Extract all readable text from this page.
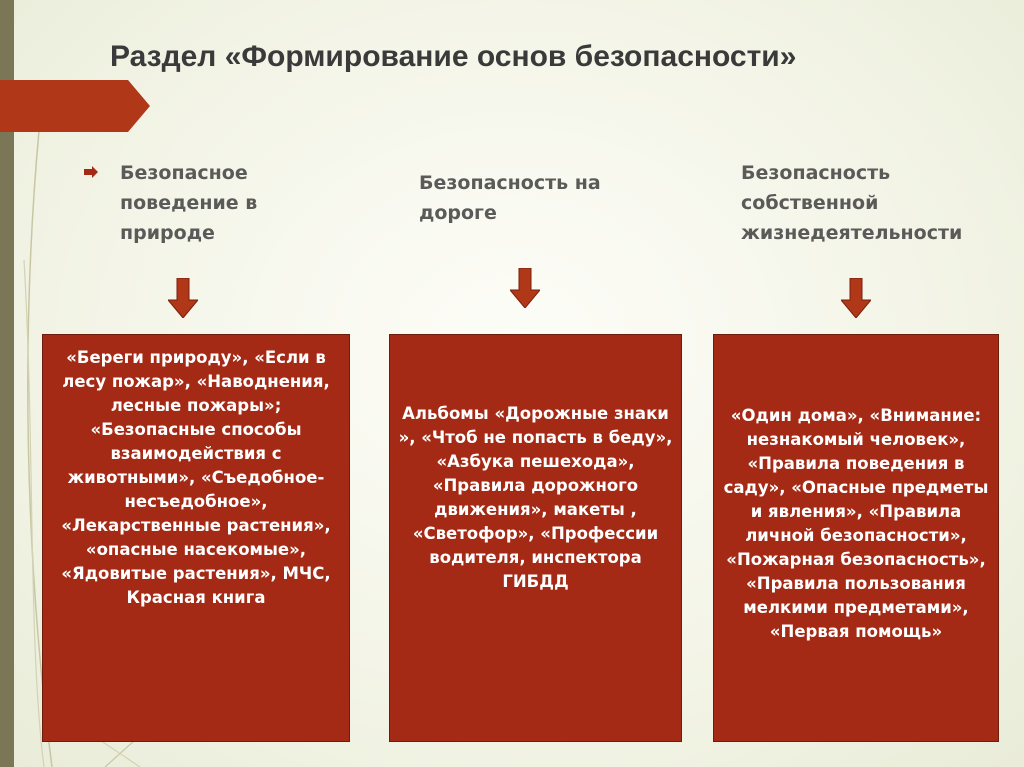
Раздел «Формирование основ безопасности»
Безопасное поведение в природе
Безопасность на дороге
Безопасность собственной жизнедеятельности
«Береги природу», «Если в лесу пожар», «Наводнения, лесные пожары»; «Безопасные способы взаимодействия с животными», «Съедобное-несъедобное», «Лекарственные растения», «опасные насекомые», «Ядовитые растения», МЧС, Красная книга
Альбомы «Дорожные знаки », «Чтоб не попасть в беду», «Азбука пешехода», «Правила дорожного движения», макеты , «Светофор», «Профессии водителя, инспектора ГИБДД
«Один дома», «Внимание: незнакомый человек», «Правила поведения в саду», «Опасные предметы и явления», «Правила личной безопасности», «Пожарная безопасность», «Правила пользования мелкими предметами», «Первая помощь»
